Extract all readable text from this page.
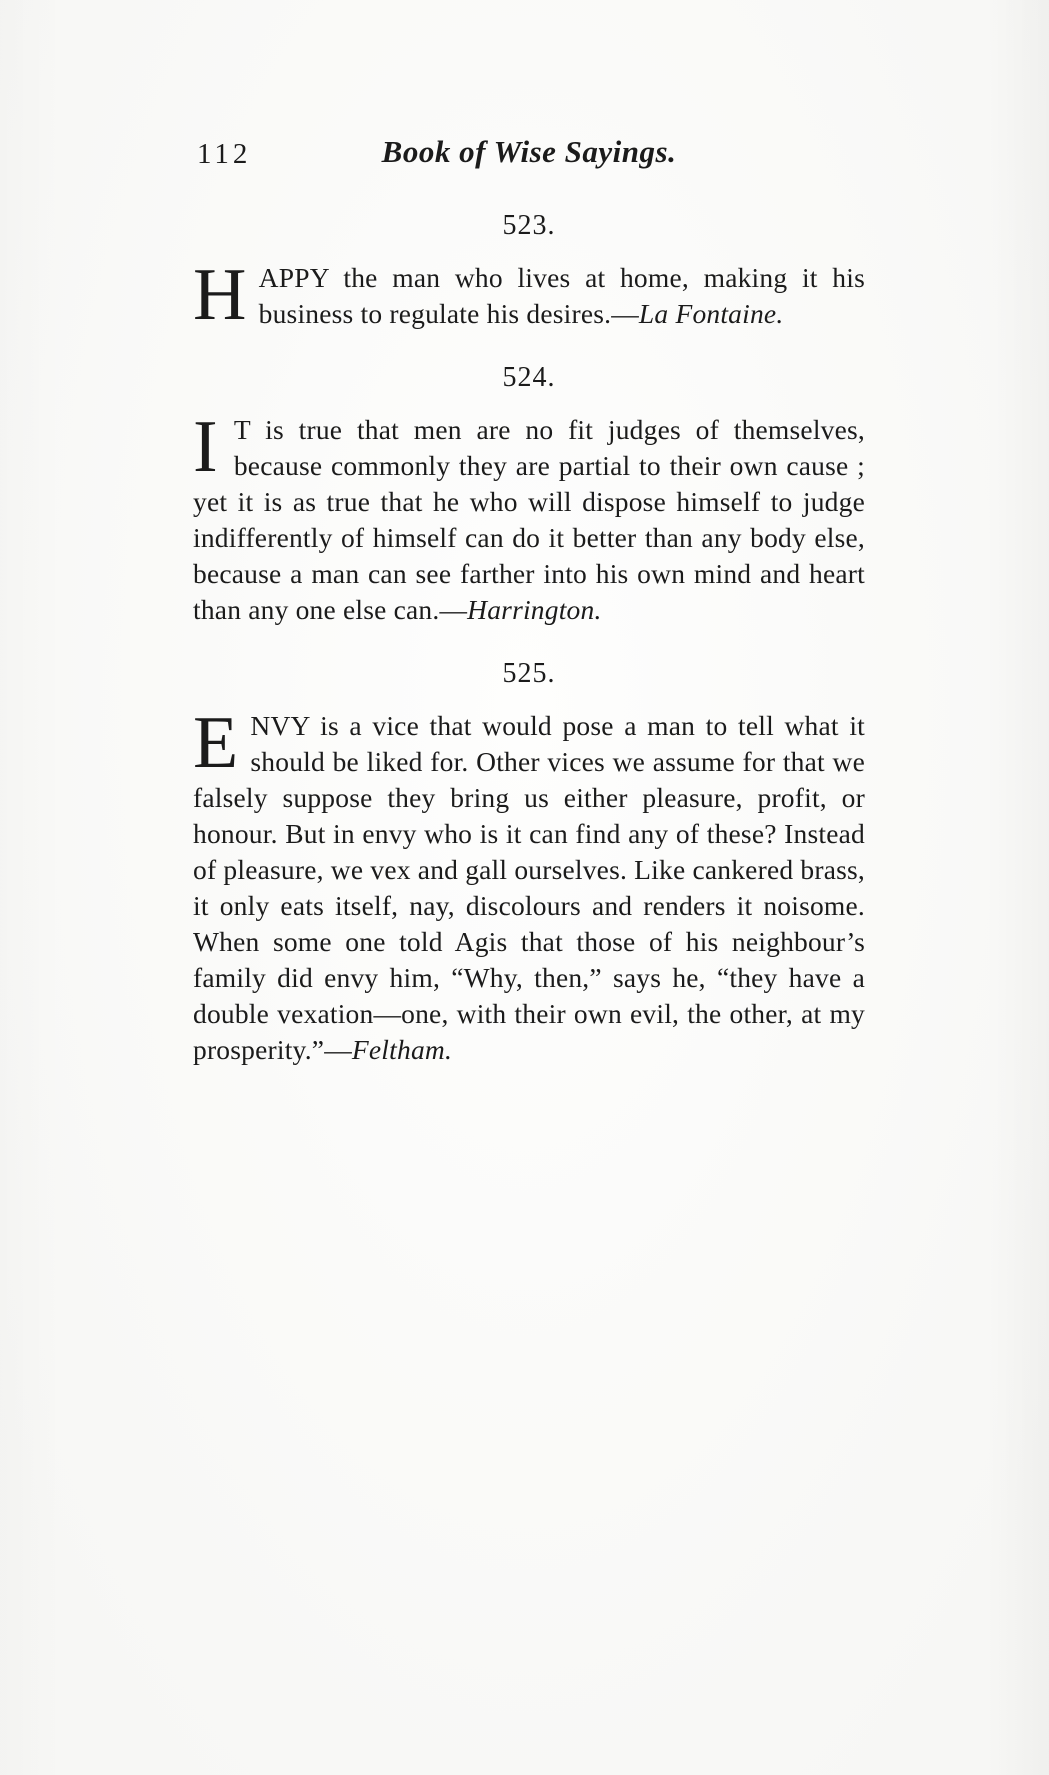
112	Book of Wise Sayings.
523.

HAPPY the man who lives at home, making it his business to regulate his desires.—La Fontaine.

524.

I T is true that men are no fit judges of themselves, because commonly they are partial to their own cause ; yet it is as true that he who will dispose himself to judge indifferently of himself can do it better than any body else, because a man can see farther into his own mind and heart than any one else can.—Harrington.

525.

ENVY is a vice that would pose a man to tell what it should be liked for. Other vices we assume for that we falsely suppose they bring us either pleasure, profit, or honour. But in envy who is it can find any of these? Instead of pleasure, we vex and gall ourselves. Like cankered brass, it only eats itself, nay, discolours and renders it noisome. When some one told Agis that those of his neighbour’s family did envy him, “Why, then,” says he, “they have a double vexation—one, with their own evil, the other, at my prosperity.”—Feltham.
